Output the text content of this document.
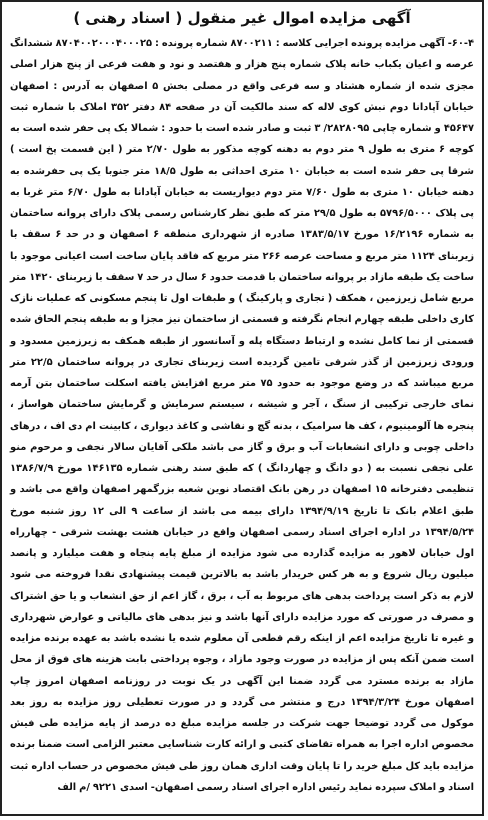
آگهی مزایده اموال غیر منقول ( اسناد رهنی )

۶۰-۴- آگهی مزایده پرونده اجرایی کلاسه : ۸۷۰۰۲۱۱ شماره پرونده : ۸۷۰۴۰۰۲۰۰۰۴۰۰۰۲۵ ششدانگ عرصه و اعیان یکباب خانه پلاک شماره پنج هزار و هفتصد و نود و هفت فرعی از پنج هزار اصلی مجزی شده از شماره هشتاد و سه فرعی واقع در مصلی بخش ۵ اصفهان به آدرس : اصفهان خیابان آپادانا دوم نبش کوی لاله که سند مالکیت آن در صفحه ۸۴ دفتر ۳۵۲ املاک با شماره ثبت ۴۵۶۴۷ و شماره چاپی ۲۸۲۸۰۹۵/ ۳ ثبت و صادر شده است با حدود : شمالا یک پی حفر شده است به کوچه ۶ متری به طول ۹ متر دوم به دهنه کوچه مذکور به طول ۲/۷۰ متر ( این قسمت پخ است ) شرقا پی حفر شده است به خیابان ۱۰ متری احداثی به طول ۱۸/۵ متر جنوبا یک پی حفرشده به دهنه خیابان ۱۰ متری به طول ۷/۶۰ متر دوم دیواریست به خیابان آپادانا به طول ۶/۷۰ متر غربا به پی پلاک ۵۷۹۶/۵۰۰۰ به طول ۲۹/۵ متر که طبق نظر کارشناس رسمی پلاک دارای پروانه ساختمان به شماره ۱۶/۲۱۹۶ مورخ ۱۳۸۳/۵/۱۷ صادره از شهرداری منطقه ۶ اصفهان و در حد ۶ سقف با زیربنای ۱۱۲۴ متر مربع و مساحت عرصه ۲۶۶ متر مربع که فاقد پایان ساخت است اعیانی موجود با ساخت یک طبقه مازاد بر پروانه ساختمان با قدمت حدود ۶ سال در حد ۷ سقف با زیربنای ۱۴۲۰ متر مربع شامل زیرزمین ، همکف ( تجاری و پارکینگ ) و طبقات اول تا پنجم مسکونی که عملیات نازک کاری داخلی طبقه چهارم انجام نگرفته و قسمتی از ساختمان نیز مجزا و به طبقه پنجم الحاق شده قسمتی از نما کامل نشده و ارتباط دستگاه پله و آسانسور از طبقه همکف به زیرزمین مسدود و ورودی زیرزمین از گذر شرقی تامین گردیده است زیربنای تجاری در پروانه ساختمان ۲۲/۵ متر مربع میباشد که در وضع موجود به حدود ۷۵ متر مربع افزایش یافته اسکلت ساختمان بتن آرمه نمای خارجی ترکیبی از سنگ ، آجر و شیشه ، سیستم سرمایش و گرمایش ساختمان هواساز ، پنجره ها آلومینیوم ، کف ها سرامیک ، بدنه گچ و نقاشی و کاغذ دیواری ، کابینت ام دی اف ، درهای داخلی چوبی و دارای انشعابات آب و برق و گاز می باشد ملکی آقایان سالار نجفی و مرحوم منو علی نجفی نسبت به ( دو دانگ و چهاردانگ ) که طبق سند رهنی شماره ۱۴۶۱۳۵ مورخ ۱۳۸۶/۷/۹ تنظیمی دفترخانه ۱۵ اصفهان در رهن بانک اقتصاد نوین شعبه بزرگمهر اصفهان واقع می باشد و طبق اعلام بانک تا تاریخ ۱۳۹۴/۹/۱۹ دارای بیمه می باشد از ساعت ۹ الی ۱۲ روز شنبه مورخ ۱۳۹۴/۵/۲۴ در اداره اجرای اسناد رسمی اصفهان واقع در خیابان هشت بهشت شرقی - چهارراه اول خیابان لاهور به مزایده گذارده می شود مزایده از مبلغ پایه پنجاه و هفت میلیارد و پانصد میلیون ریال شروع و به هر کس خریدار باشد به بالاترین قیمت پیشنهادی نقدا فروخته می شود لازم به ذکر است پرداخت بدهی های مربوط به آب ، برق ، گاز اعم از حق انشعاب و یا حق اشتراک و مصرف در صورتی که مورد مزایده دارای آنها باشد و نیز بدهی های مالیاتی و عوارض شهرداری و غیره تا تاریخ مزایده اعم از اینکه رقم قطعی آن معلوم شده یا نشده باشد به عهده برنده مزایده است ضمن آنکه پس از مزایده در صورت وجود مازاد ، وجوه پرداختی بابت هزینه های فوق از محل مازاد به برنده مسترد می گردد ضمنا این آگهی در یک نوبت در روزنامه اصفهان امروز چاپ اصفهان مورخ ۱۳۹۴/۳/۲۴ درج و منتشر می گردد و در صورت تعطیلی روز مزایده به روز بعد موکول می گردد توضیحا جهت شرکت در جلسه مزایده مبلغ ده درصد از پایه مزایده طی فیش مخصوص اداره اجرا به همراه تقاضای کتبی و ارائه کارت شناسایی معتبر الزامی است ضمنا برنده مزایده باید کل مبلغ خرید را تا پایان وقت اداری همان روز طی فیش مخصوص در حساب اداره ثبت اسناد و املاک سپرده نماید رئیس اداره اجرای اسناد رسمی اصفهان- اسدی ۹۲۲۱ /م الف
